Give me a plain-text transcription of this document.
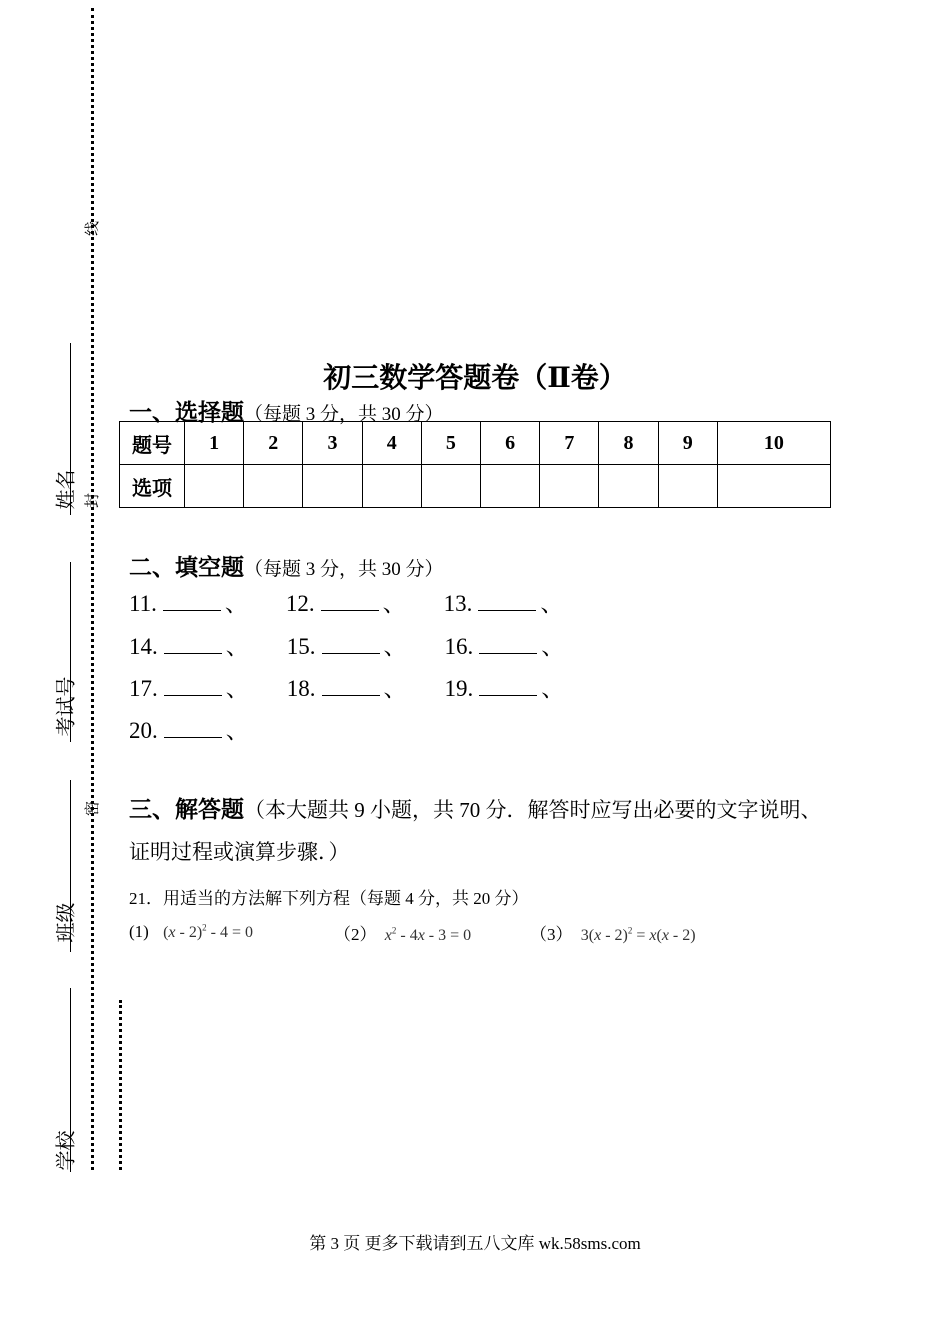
线
封
密
姓名
考试号
班级
学校
初三数学答题卷（Ⅱ卷）
一、选择题（每题 3 分，共 30 分）
题号	1	2	3	4	5	6	7	8	9	10
选项										
二、填空题（每题 3 分，共 30 分）
11.	、 12.	、 13.	、
14.	、 15.	、 16.	、
17.	、 18.	、 19.	、
20.	、
三、解答题（本大题共 9 小题，共 70 分．解答时应写出必要的文字说明、证明过程或演算步骤．）
21．用适当的方法解下列方程（每题 4 分，共 20 分）
(1) (x - 2)$^2$ - 4 = 0	（2） $x^2 - 4x - 3 = 0$	（3） 3(x - 2)$^2$ = x(x - 2)
第 3 页 更多下载请到五八文库 wk.58sms.com
